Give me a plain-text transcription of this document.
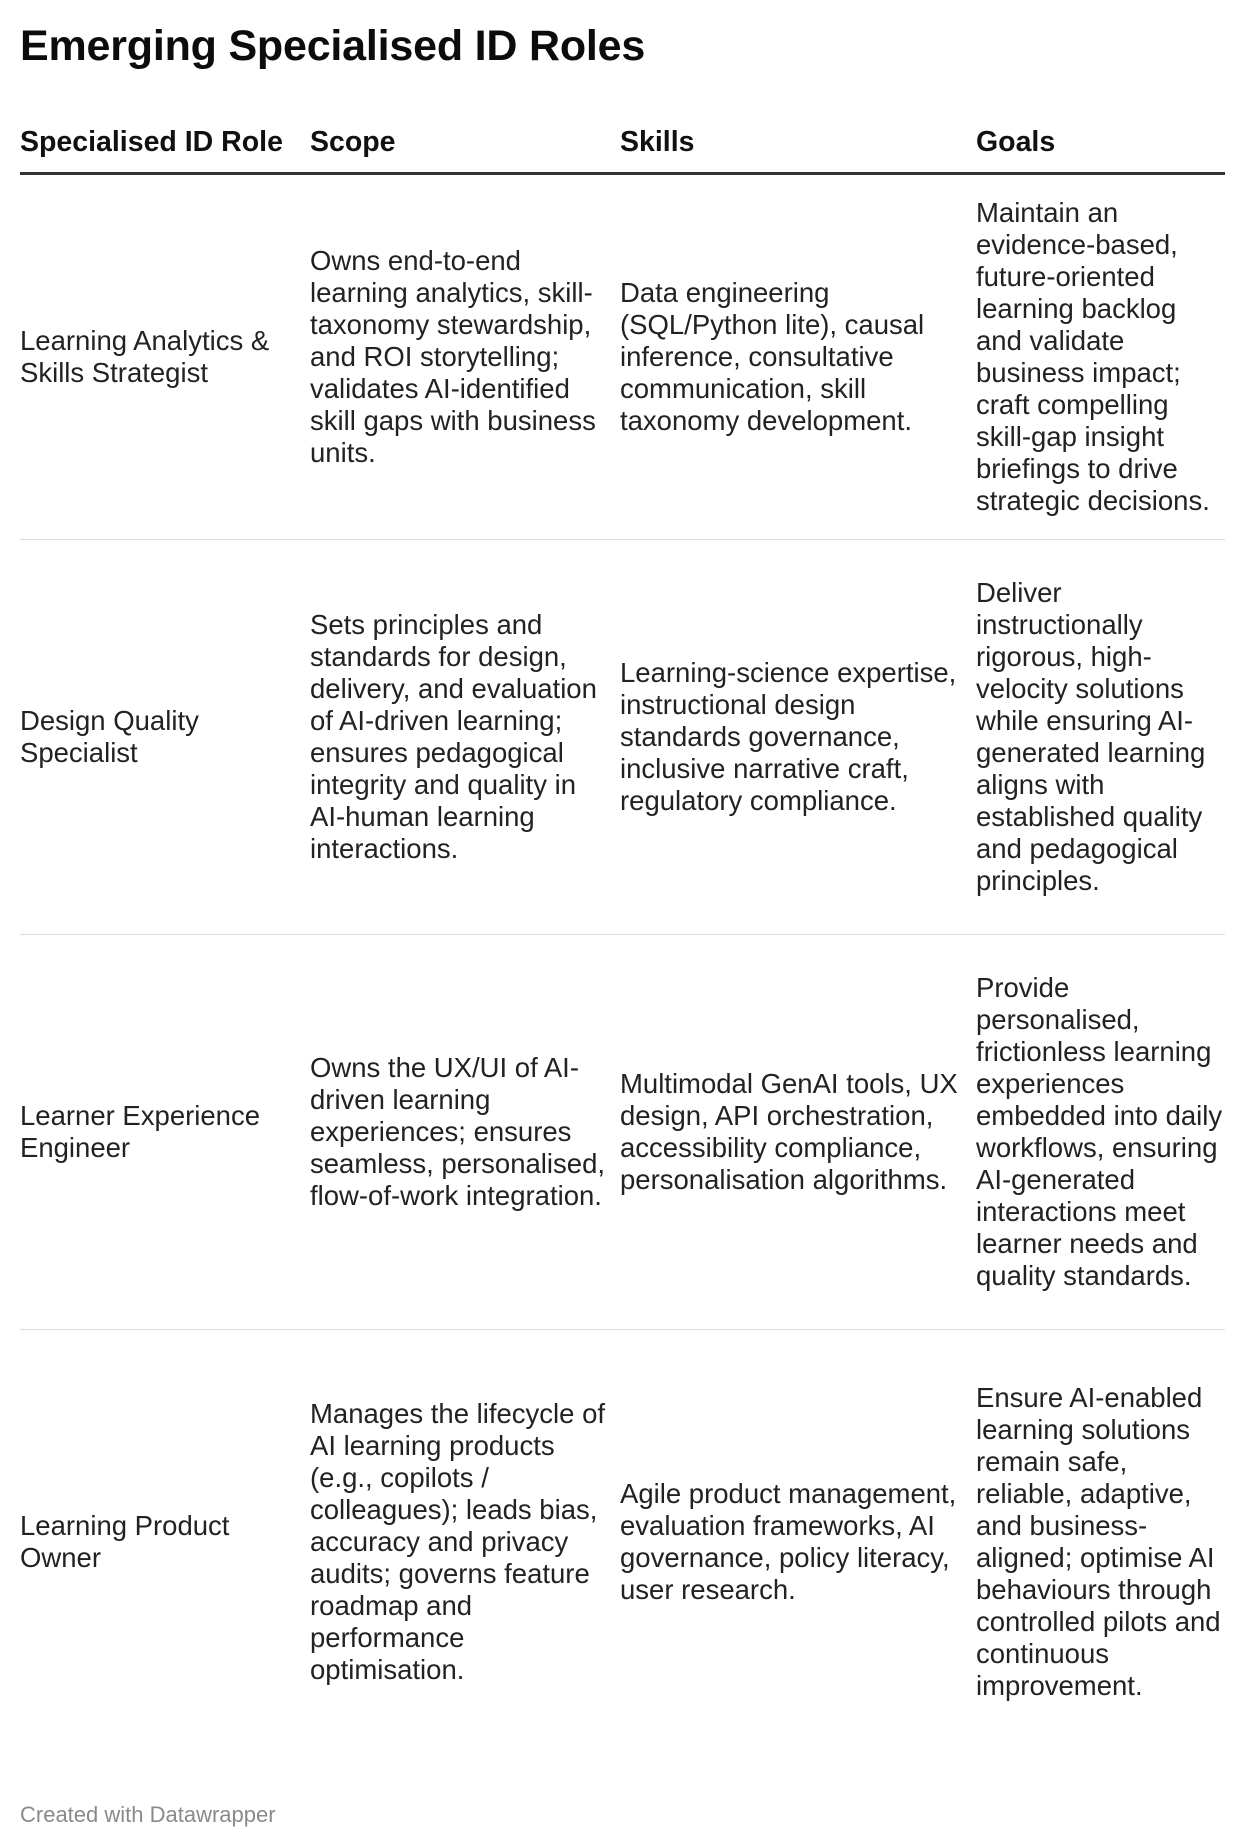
Emerging Specialised ID Roles
Specialised ID Role	Scope	Skills	Goals
Learning Analytics & Skills Strategist	Owns end-to-end learning analytics, skill-taxonomy stewardship, and ROI storytelling; validates AI-identified skill gaps with business units.	Data engineering (SQL/Python lite), causal inference, consultative communication, skill taxonomy development.	Maintain an evidence-based, future-oriented learning backlog and validate business impact; craft compelling skill-gap insight briefings to drive strategic decisions.
Design Quality Specialist	Sets principles and standards for design, delivery, and evaluation of AI-driven learning; ensures pedagogical integrity and quality in AI-human learning interactions.	Learning-science expertise, instructional design standards governance, inclusive narrative craft, regulatory compliance.	Deliver instructionally rigorous, high-velocity solutions while ensuring AI-generated learning aligns with established quality and pedagogical principles.
Learner Experience Engineer	Owns the UX/UI of AI-driven learning experiences; ensures seamless, personalised, flow-of-work integration.	Multimodal GenAI tools, UX design, API orchestration, accessibility compliance, personalisation algorithms.	Provide personalised, frictionless learning experiences embedded into daily workflows, ensuring AI-generated interactions meet learner needs and quality standards.
Learning Product Owner	Manages the lifecycle of AI learning products (e.g., copilots / colleagues); leads bias, accuracy and privacy audits; governs feature roadmap and performance optimisation.	Agile product management, evaluation frameworks, AI governance, policy literacy, user research.	Ensure AI-enabled learning solutions remain safe, reliable, adaptive, and business-aligned; optimise AI behaviours through controlled pilots and continuous improvement.
Created with Datawrapper
